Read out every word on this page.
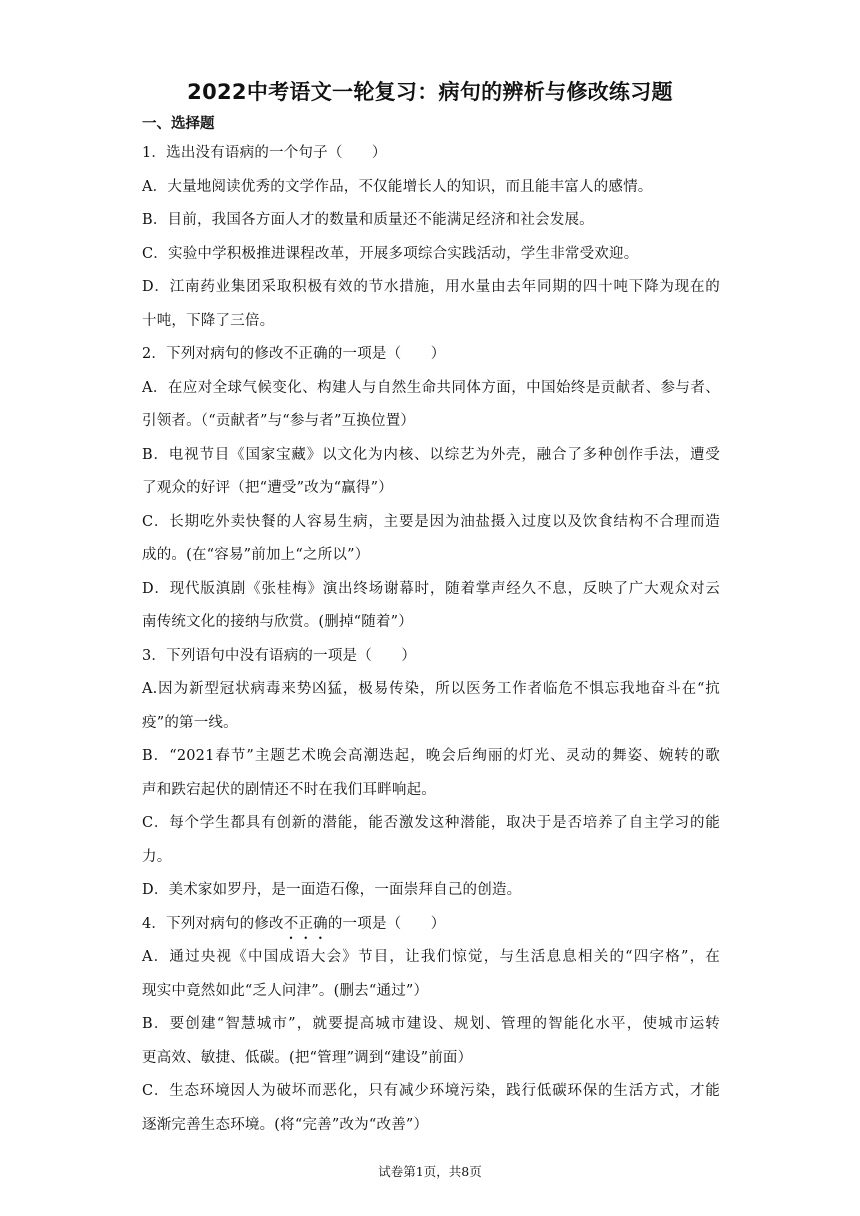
2022中考语文一轮复习：病句的辨析与修改练习题
一、选择题
1．选出没有语病的一个句子（　　）
A．大量地阅读优秀的文学作品，不仅能增长人的知识，而且能丰富人的感情。
B．目前，我国各方面人才的数量和质量还不能满足经济和社会发展。
C．实验中学积极推进课程改革，开展多项综合实践活动，学生非常受欢迎。
D．江南药业集团采取积极有效的节水措施，用水量由去年同期的四十吨下降为现在的
十吨，下降了三倍。
2．下列对病句的修改不正确的一项是（　　）
A．在应对全球气候变化、构建人与自然生命共同体方面，中国始终是贡献者、参与者、
引领者。（“贡献者”与“参与者”互换位置）
B．电视节目《国家宝藏》以文化为内核、以综艺为外壳，融合了多种创作手法，遭受
了观众的好评（把“遭受”改为“赢得”）
C．长期吃外卖快餐的人容易生病，主要是因为油盐摄入过度以及饮食结构不合理而造
成的。(在“容易”前加上“之所以”）
D．现代版滇剧《张桂梅》演出终场谢幕时，随着掌声经久不息，反映了广大观众对云
南传统文化的接纳与欣赏。(删掉“随着”）
3．下列语句中没有语病的一项是（　　）
A.因为新型冠状病毒来势凶猛，极易传染，所以医务工作者临危不惧忘我地奋斗在“抗
疫”的第一线。
B．“2021春节”主题艺术晚会高潮迭起，晚会后绚丽的灯光、灵动的舞姿、婉转的歌
声和跌宕起伏的剧情还不时在我们耳畔响起。
C．每个学生都具有创新的潜能，能否激发这种潜能，取决于是否培养了自主学习的能
力。
D．美术家如罗丹，是一面造石像，一面崇拜自己的创造。
4．下列对病句的修改不正确的一项是（　　）
A．通过央视《中国成语大会》节目，让我们惊觉，与生活息息相关的“四字格”，在
现实中竟然如此“乏人问津”。(删去“通过”）
B．要创建“智慧城市”，就要提高城市建设、规划、管理的智能化水平，使城市运转
更高效、敏捷、低碳。(把“管理”调到“建设”前面）
C．生态环境因人为破坏而恶化，只有减少环境污染，践行低碳环保的生活方式，才能
逐渐完善生态环境。(将“完善”改为“改善”）
试卷第1页，共8页
